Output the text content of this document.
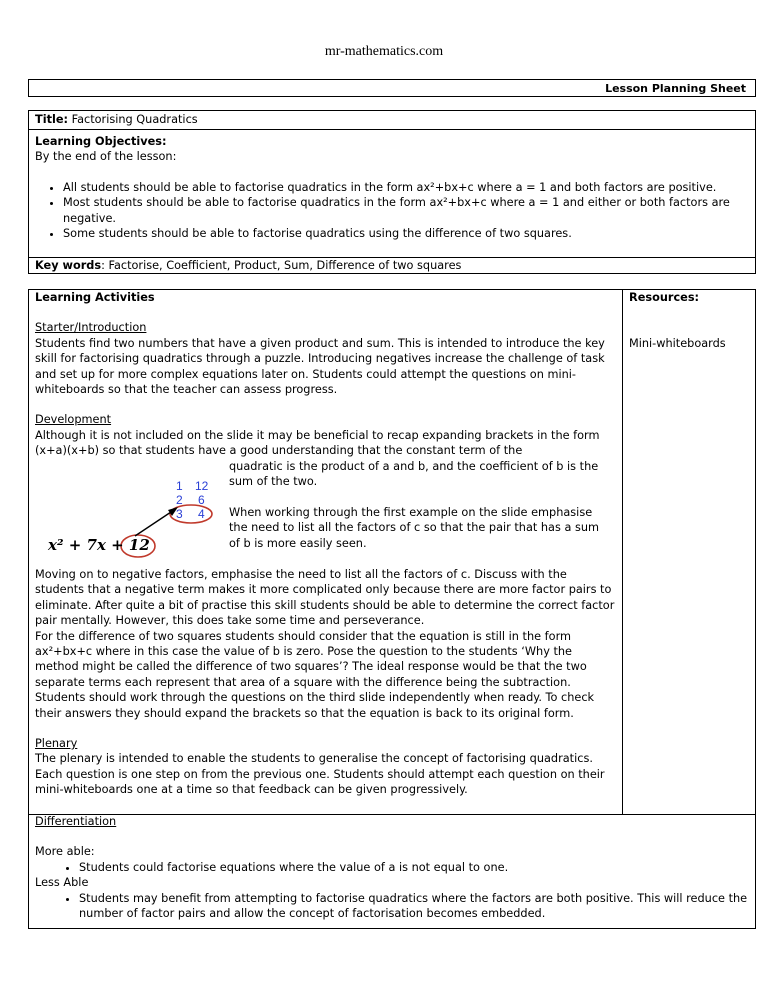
mr-mathematics.com
Lesson Planning Sheet
Title: Factorising Quadratics
Learning Objectives:
By the end of the lesson:
• All students should be able to factorise quadratics in the form ax²+bx+c where a = 1 and both factors are positive.
• Most students should be able to factorise quadratics in the form ax²+bx+c where a = 1 and either or both factors are negative.
• Some students should be able to factorise quadratics using the difference of two squares.
Key words: Factorise, Coefficient, Product, Sum, Difference of two squares
Learning Activities
Starter/Introduction

Students find two numbers that have a given product and sum. This is intended to introduce the key skill for factorising quadratics through a puzzle. Introducing negatives increase the challenge of task and set up for more complex equations later on. Students could attempt the questions on mini-whiteboards so that the teacher can assess progress.

Development

Although it is not included on the slide it may be beneficial to recap expanding brackets in the form (x+a)(x+b) so that students have a good understanding that the constant term of the

quadratic is the product of a and b, and the coefficient of b is the sum of the two.

When working through the first example on the slide emphasise the need to list all the factors of c so that the pair that has a sum of b is more easily seen.

1 12
2 6
3 4
x² + 7x + 12

Moving on to negative factors, emphasise the need to list all the factors of c. Discuss with the students that a negative term makes it more complicated only because there are more factor pairs to eliminate. After quite a bit of practise this skill students should be able to determine the correct factor pair mentally. However, this does take some time and perseverance.

For the difference of two squares students should consider that the equation is still in the form ax²+bx+c where in this case the value of b is zero. Pose the question to the students ‘Why the method might be called the difference of two squares’? The ideal response would be that the two separate terms each represent that area of a square with the difference being the subtraction. Students should work through the questions on the third slide independently when ready. To check their answers they should expand the brackets so that the equation is back to its original form.

Plenary

The plenary is intended to enable the students to generalise the concept of factorising quadratics. Each question is one step on from the previous one. Students should attempt each question on their mini-whiteboards one at a time so that feedback can be given progressively.

Resources:
Mini-whiteboards
Differentiation
More able:
• Students could factorise equations where the value of a is not equal to one.
Less Able
• Students may benefit from attempting to factorise quadratics where the factors are both positive. This will reduce the number of factor pairs and allow the concept of factorisation becomes embedded.
